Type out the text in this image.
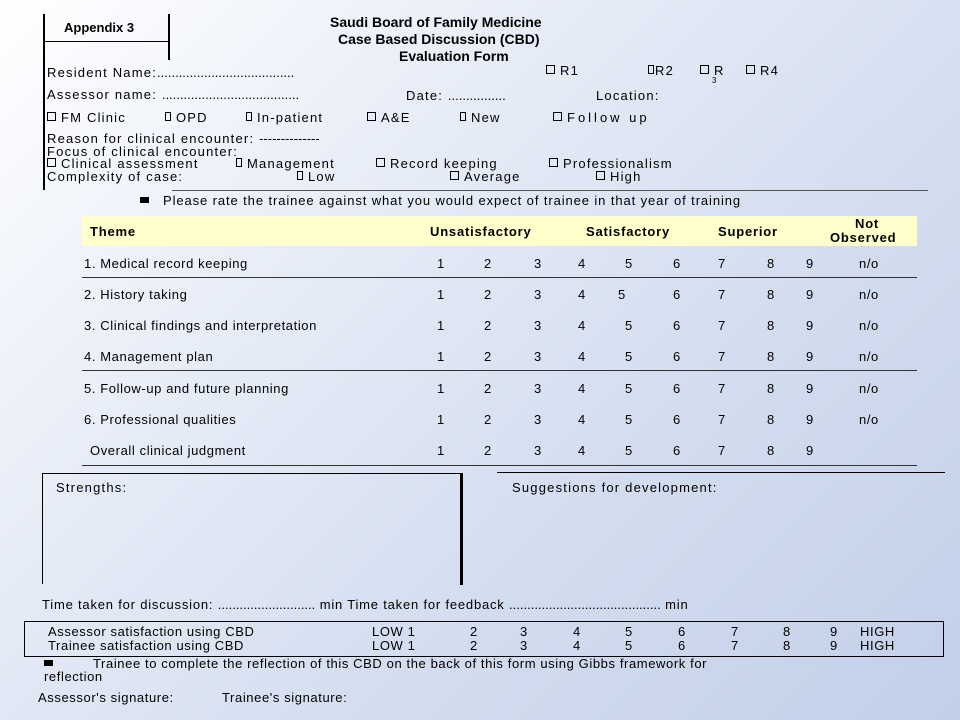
Appendix 3	Saudi Board of Family Medicine
Case Based Discussion (CBD)
Evaluation Form
Resident Name:......................................	R1	R2	R
3
R4
Assessor name: ......................................	Date: ................	Location:
FM Clinic	OPD	In-patient	A&E	New	Follow up
Reason for clinical encounter: --------------
Focus of clinical encounter:
Clinical assessment	Management	Record keeping	Professionalism
Complexity of case:	Low	Average	High
Please rate the trainee against what you would expect of trainee in that year of training
Theme	Unsatisfactory	Satisfactory	Superior
Not
Observed
1. Medical record keeping	1	2	3	4	5	6	7	8 9	n/o
2. History taking	1	2	3	4 5	6	7	8 9	n/o
3. Clinical findings and interpretation	1	2	3	4	5	6	7	8 9	n/o
4. Management plan	1	2	3	4	5	6	7	8 9	n/o
5. Follow-up and future planning	1	2	3	4	5	6	7	8 9	n/o
6. Professional qualities	1	2	3	4	5	6	7	8 9	n/o
Overall clinical judgment	1	2	3	4	5	6	7	8 9
Strengths:	Suggestions for development:
Time taken for discussion: ........................... min Time taken for feedback .......................................... min
Assessor satisfaction using CBD	LOW 1	2	3	4	5	6	7	8	9 HIGH
Trainee satisfaction using CBD	LOW 1	2	3	4	5	6	7	8	9 HIGH
Trainee to complete the reflection of this CBD on the back of this form using Gibbs framework for
reflection
Assessor's signature:	Trainee's signature:
